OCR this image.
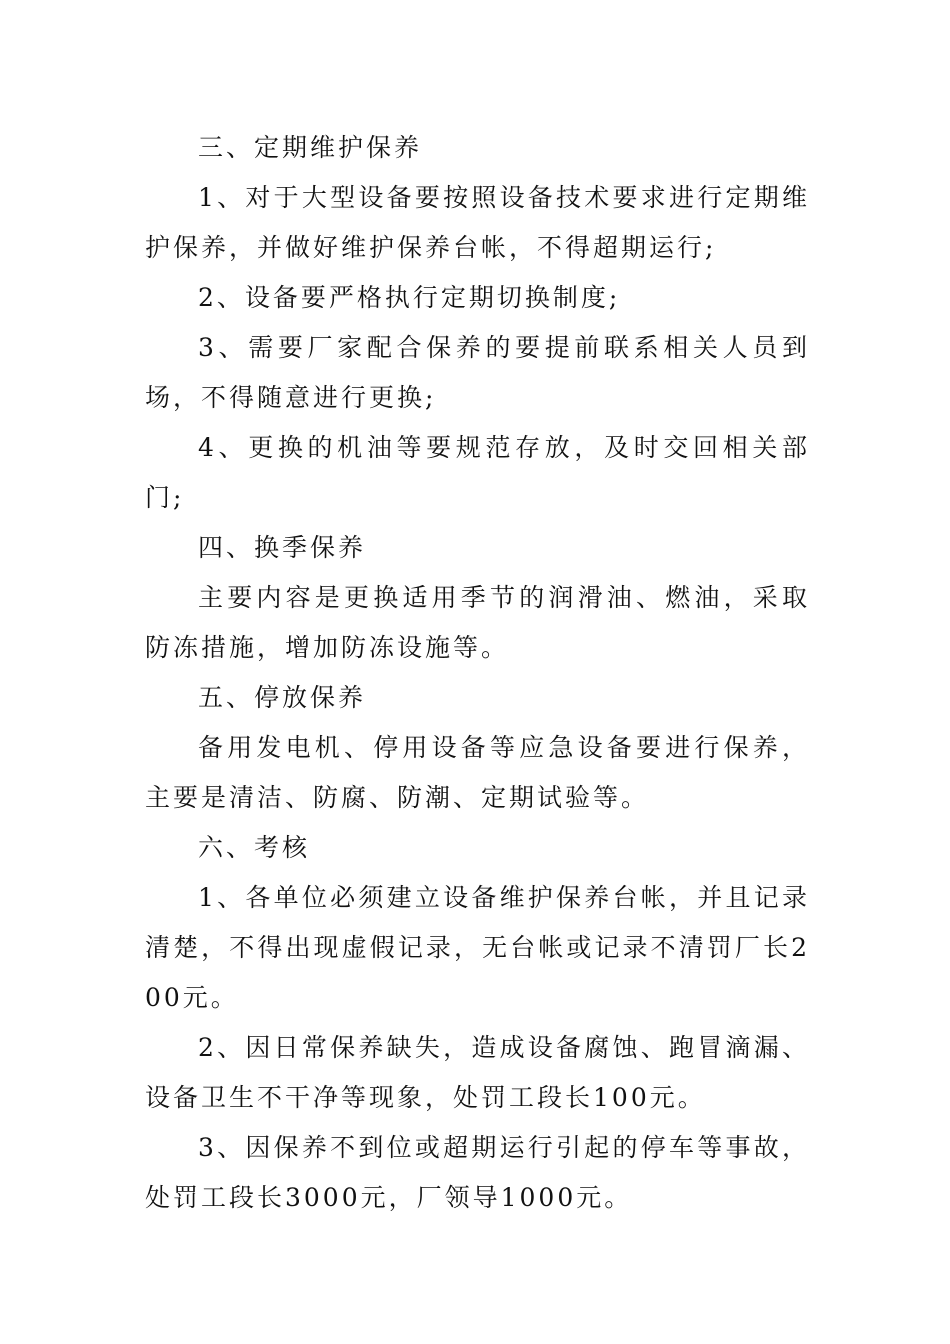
三、定期维护保养

1、对于大型设备要按照设备技术要求进行定期维护保养，并做好维护保养台帐，不得超期运行;

2、设备要严格执行定期切换制度;

3、需要厂家配合保养的要提前联系相关人员到场，不得随意进行更换;

4、更换的机油等要规范存放，及时交回相关部门;

四、换季保养

主要内容是更换适用季节的润滑油、燃油，采取防冻措施，增加防冻设施等。

五、停放保养

备用发电机、停用设备等应急设备要进行保养，主要是清洁、防腐、防潮、定期试验等。

六、考核

1、各单位必须建立设备维护保养台帐，并且记录清楚，不得出现虚假记录，无台帐或记录不清罚厂长200元。

2、因日常保养缺失，造成设备腐蚀、跑冒滴漏、设备卫生不干净等现象，处罚工段长100元。

3、因保养不到位或超期运行引起的停车等事故，处罚工段长3000元，厂领导1000元。
